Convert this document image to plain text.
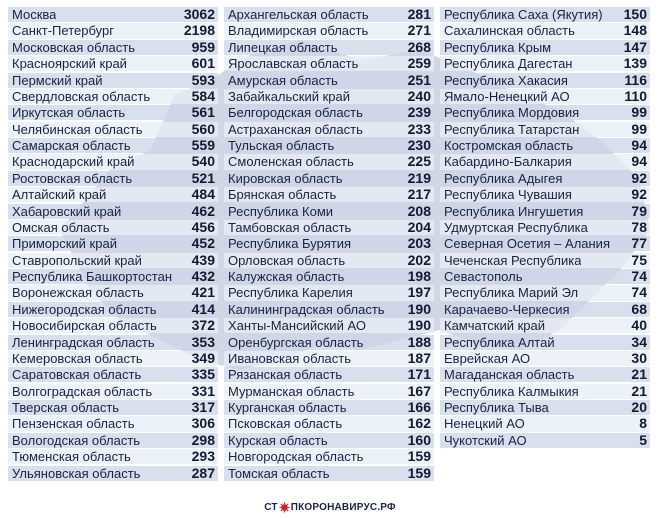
Москва	3062
Санкт-Петербург	2198
Московская область	959
Красноярский край	601
Пермский край	593
Свердловская область	584
Иркутская область	561
Челябинская область	560
Самарская область	559
Краснодарский край	540
Ростовская область	521
Алтайский край	484
Хабаровский край	462
Омская область	456
Приморский край	452
Ставропольский край	439
Республика Башкортостан 432
Воронежская область	421
Нижегородская область	414
Новосибирская область 372
Ленинградская область	353
Кемеровская область	349
Саратовская область	335
Волгоградская область	331
Тверская область	317
Пензенская область	306
Вологодская область	298
Тюменская область	293
Ульяновская область	287
Архангельская область	281
Владимирская область	271
Липецкая область	268
Ярославская область	259
Амурская область	251
Забайкальский край	240
Белгородская область	239
Астраханская область	233
Тульская область	230
Смоленская область	225
Кировская область	219
Брянская область	217
Республика Коми	208
Тамбовская область	204
Республика Бурятия	203
Орловская область	202
Калужская область	198
Республика Карелия	197
Калининградская область 190
Ханты-Мансийский АО	190
Оренбургская область	188
Ивановская область	187
Рязанская область	171
Мурманская область	167
Курганская область	166
Псковская область	162
Курская область	160
Новгородская область	159
Томская область	159
Республика Саха (Якутия) 150
Сахалинская область	148
Республика Крым	147
Республика Дагестан	139
Республика Хакасия	116
Ямало-Ненецкий АО	110
Республика Мордовия	99
Республика Татарстан	99
Костромская область	94
Кабардино-Балкария	94
Республика Адыгея	92
Республика Чувашия	92
Республика Ингушетия	79
Удмуртская Республика	78
Северная Осетия – Алания 77
Чеченская Республика	75
Севастополь	74
Республика Марий Эл	74
Карачаево-Черкесия	68
Камчатский край	40
Республика Алтай	34
Еврейская АО	30
Магаданская область	21
Республика Калмыкия	21
Республика Тыва	20
Ненецкий АО	8
Чукотский АО	5
СТ ПКОРОНАВИРУС.РФ
